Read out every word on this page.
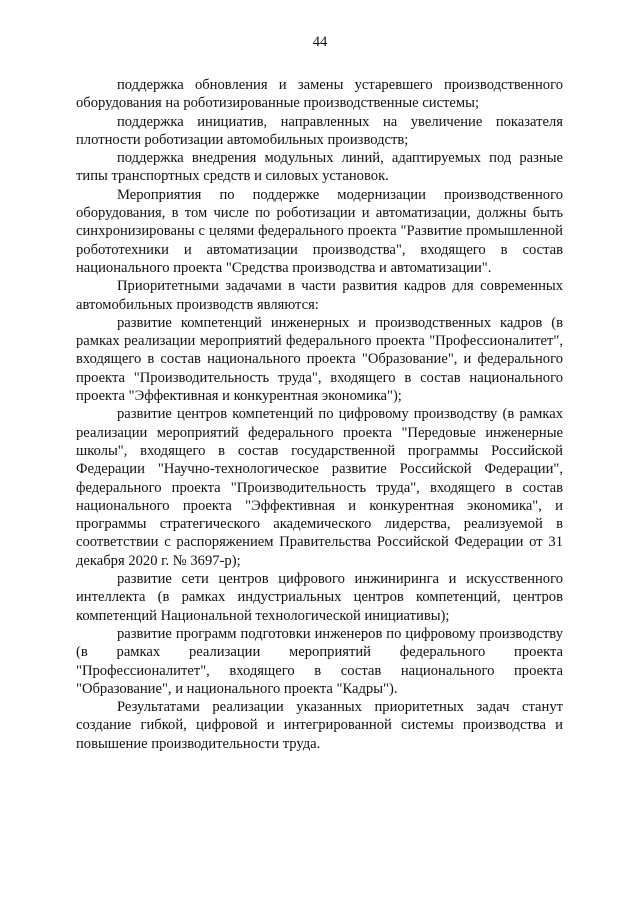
44

поддержка обновления и замены устаревшего производственного оборудования на роботизированные производственные системы;

поддержка инициатив, направленных на увеличение показателя плотности роботизации автомобильных производств;

поддержка внедрения модульных линий, адаптируемых под разные типы транспортных средств и силовых установок.

Мероприятия по поддержке модернизации производственного оборудования, в том числе по роботизации и автоматизации, должны быть синхронизированы с целями федерального проекта "Развитие промышленной робототехники и автоматизации производства", входящего в состав национального проекта "Средства производства и автоматизации".

Приоритетными задачами в части развития кадров для современных автомобильных производств являются:

развитие компетенций инженерных и производственных кадров (в рамках реализации мероприятий федерального проекта "Профессионалитет", входящего в состав национального проекта "Образование", и федерального проекта "Производительность труда", входящего в состав национального проекта "Эффективная и конкурентная экономика");

развитие центров компетенций по цифровому производству (в рамках реализации мероприятий федерального проекта "Передовые инженерные школы", входящего в состав государственной программы Российской Федерации "Научно-технологическое развитие Российской Федерации", федерального проекта "Производительность труда", входящего в состав национального проекта "Эффективная и конкурентная экономика", и программы стратегического академического лидерства, реализуемой в соответствии с распоряжением Правительства Российской Федерации от 31 декабря 2020 г. № 3697-р);

развитие сети центров цифрового инжиниринга и искусственного интеллекта (в рамках индустриальных центров компетенций, центров компетенций Национальной технологической инициативы);

развитие программ подготовки инженеров по цифровому производству (в рамках реализации мероприятий федерального проекта "Профессионалитет", входящего в состав национального проекта "Образование", и национального проекта "Кадры").

Результатами реализации указанных приоритетных задач станут создание гибкой, цифровой и интегрированной системы производства и повышение производительности труда.
